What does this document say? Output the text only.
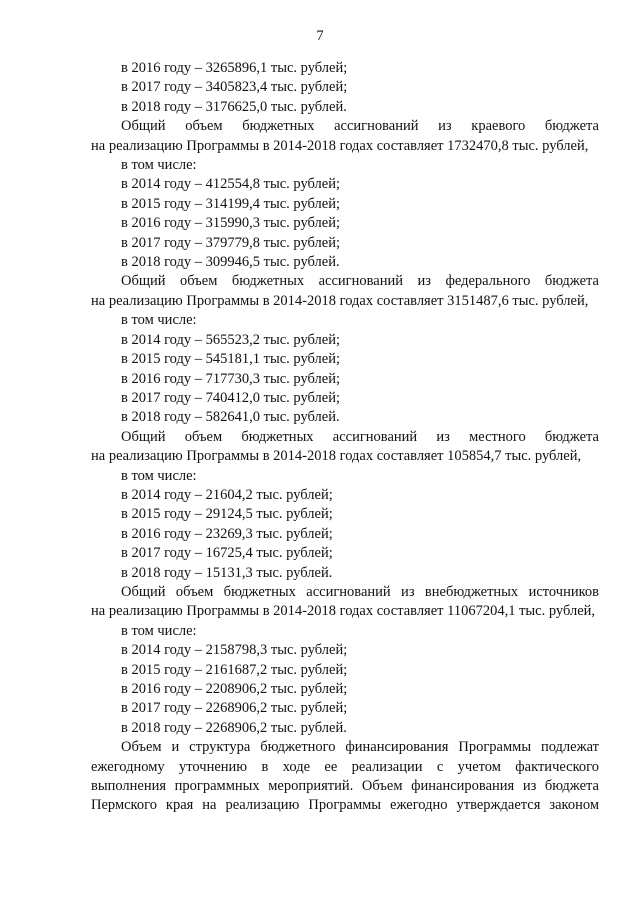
7
в 2016 году – 3265896,1 тыс. рублей;
в 2017 году – 3405823,4 тыс. рублей;
в 2018 году – 3176625,0 тыс. рублей.
Общий объем бюджетных ассигнований из краевого бюджета
на реализацию Программы в 2014-2018 годах составляет 1732470,8 тыс. рублей,
в том числе:
в 2014 году – 412554,8 тыс. рублей;
в 2015 году – 314199,4 тыс. рублей;
в 2016 году – 315990,3 тыс. рублей;
в 2017 году – 379779,8 тыс. рублей;
в 2018 году – 309946,5 тыс. рублей.
Общий объем бюджетных ассигнований из федерального бюджета
на реализацию Программы в 2014-2018 годах составляет 3151487,6 тыс. рублей,
в том числе:
в 2014 году – 565523,2 тыс. рублей;
в 2015 году – 545181,1 тыс. рублей;
в 2016 году – 717730,3 тыс. рублей;
в 2017 году – 740412,0 тыс. рублей;
в 2018 году – 582641,0 тыс. рублей.
Общий объем бюджетных ассигнований из местного бюджета
на реализацию Программы в 2014-2018 годах составляет 105854,7 тыс. рублей,
в том числе:
в 2014 году – 21604,2 тыс. рублей;
в 2015 году – 29124,5 тыс. рублей;
в 2016 году – 23269,3 тыс. рублей;
в 2017 году – 16725,4 тыс. рублей;
в 2018 году – 15131,3 тыс. рублей.
Общий объем бюджетных ассигнований из внебюджетных источников
на реализацию Программы в 2014-2018 годах составляет 11067204,1 тыс. рублей,
в том числе:
в 2014 году – 2158798,3 тыс. рублей;
в 2015 году – 2161687,2 тыс. рублей;
в 2016 году – 2208906,2 тыс. рублей;
в 2017 году – 2268906,2 тыс. рублей;
в 2018 году – 2268906,2 тыс. рублей.
Объем и структура бюджетного финансирования Программы подлежат
ежегодному уточнению в ходе ее реализации с учетом фактического
выполнения программных мероприятий. Объем финансирования из бюджета
Пермского края на реализацию Программы ежегодно утверждается законом
